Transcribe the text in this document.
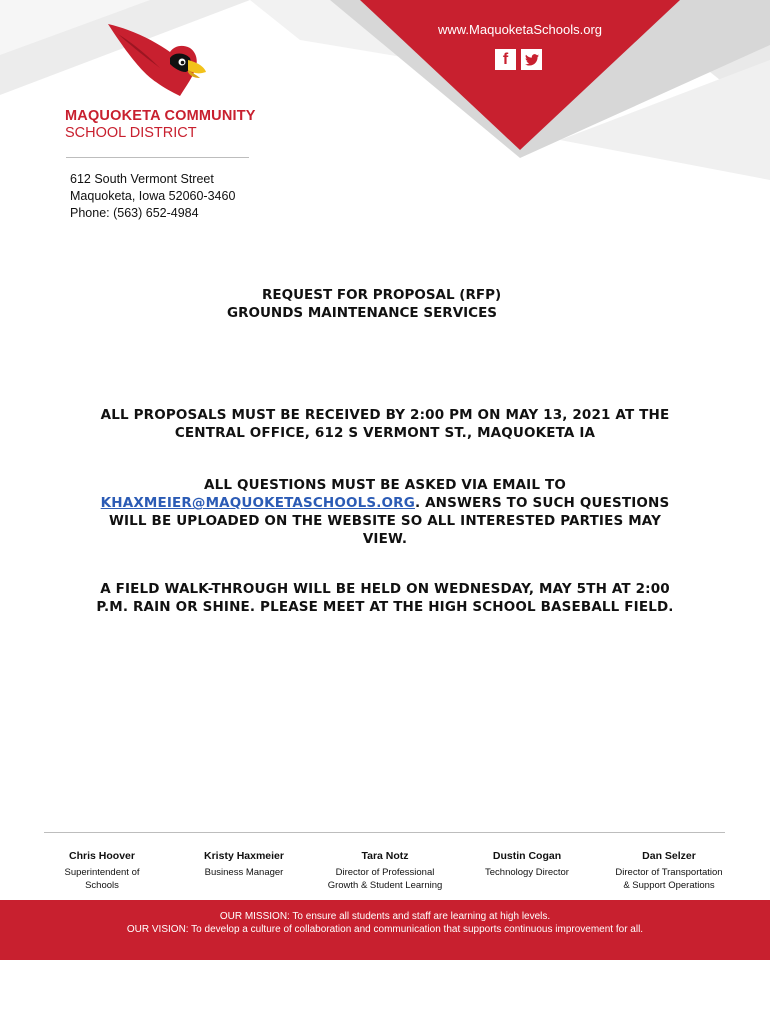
www.MaquoketaSchools.org
f
MAQUOKETA COMMUNITY
SCHOOL DISTRICT
612 South Vermont Street
Maquoketa, Iowa 52060-3460
Phone: (563) 652-4984
REQUEST FOR PROPOSAL (RFP)
GROUNDS MAINTENANCE SERVICES
ALL PROPOSALS MUST BE RECEIVED BY 2:00 PM ON MAY 13, 2021 AT THE CENTRAL OFFICE, 612 S VERMONT ST., MAQUOKETA IA
ALL QUESTIONS MUST BE ASKED VIA EMAIL TO
KHAXMEIER@MAQUOKETASCHOOLS.ORG. ANSWERS TO SUCH QUESTIONS WILL BE UPLOADED ON THE WEBSITE SO ALL INTERESTED PARTIES MAY VIEW.
A FIELD WALK-THROUGH WILL BE HELD ON WEDNESDAY, MAY 5TH AT 2:00 P.M. RAIN OR SHINE. PLEASE MEET AT THE HIGH SCHOOL BASEBALL FIELD.
Chris Hoover
Superintendent of
Schools
Kristy Haxmeier
Business Manager
Tara Notz
Director of Professional
Growth & Student Learning
Dustin Cogan
Technology Director
Dan Selzer
Director of Transportation
& Support Operations
OUR MISSION: To ensure all students and staff are learning at high levels.
OUR VISION: To develop a culture of collaboration and communication that supports continuous improvement for all.
